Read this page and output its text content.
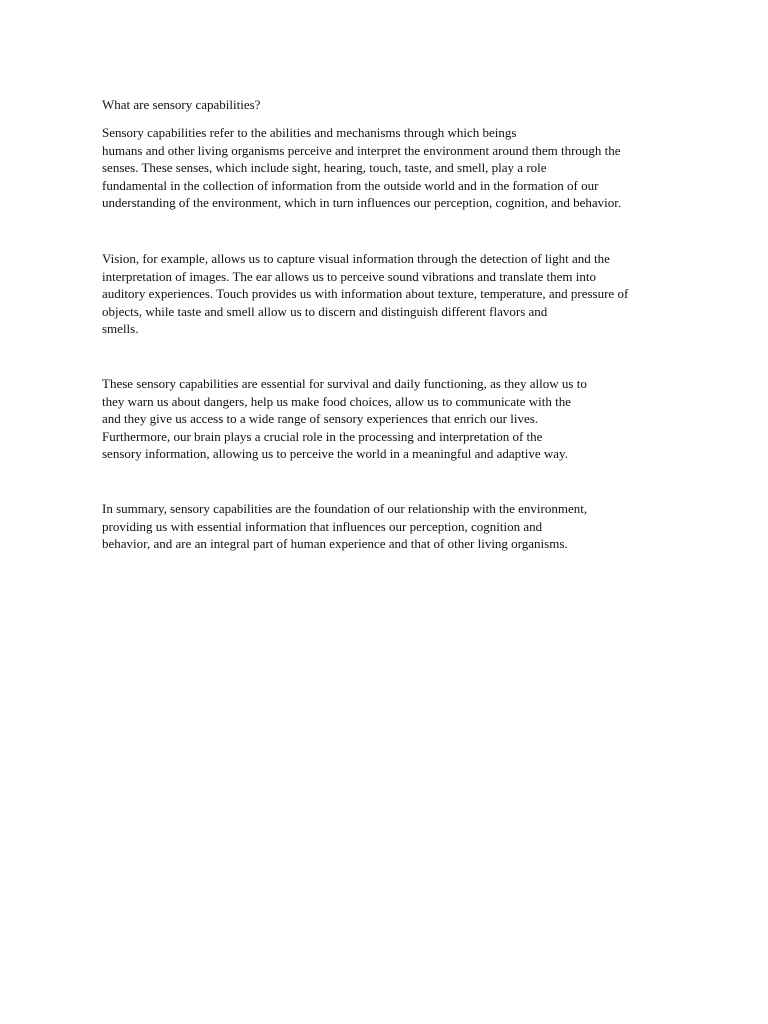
What are sensory capabilities?
Sensory capabilities refer to the abilities and mechanisms through which beings
humans and other living organisms perceive and interpret the environment around them through the
senses. These senses, which include sight, hearing, touch, taste, and smell, play a role
fundamental in the collection of information from the outside world and in the formation of our
understanding of the environment, which in turn influences our perception, cognition, and behavior.
Vision, for example, allows us to capture visual information through the detection of light and the
interpretation of images. The ear allows us to perceive sound vibrations and translate them into
auditory experiences. Touch provides us with information about texture, temperature, and pressure of
objects, while taste and smell allow us to discern and distinguish different flavors and
smells.
These sensory capabilities are essential for survival and daily functioning, as they allow us to
they warn us about dangers, help us make food choices, allow us to communicate with the
and they give us access to a wide range of sensory experiences that enrich our lives.
Furthermore, our brain plays a crucial role in the processing and interpretation of the
sensory information, allowing us to perceive the world in a meaningful and adaptive way.
In summary, sensory capabilities are the foundation of our relationship with the environment,
providing us with essential information that influences our perception, cognition and
behavior, and are an integral part of human experience and that of other living organisms.
